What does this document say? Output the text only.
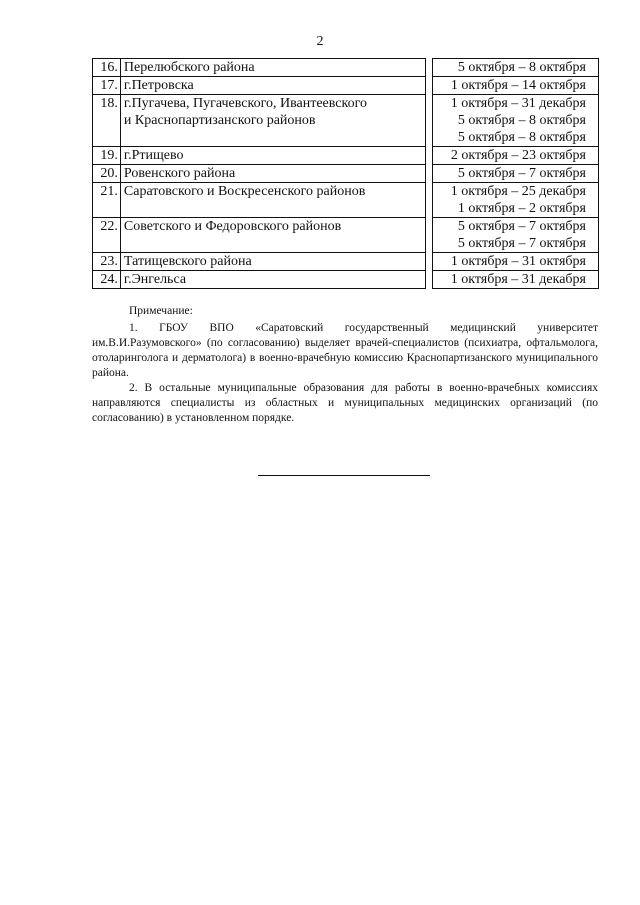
2
16.	Перелюбского района		5 октября – 8 октября

17.	г.Петровска		1 октября – 14 октября

18.	г.Пугачева, Пугачевского, Ивантеевского
и Краснопартизанского районов		1 октября – 31 декабря
5 октября – 8 октября
5 октября – 8 октября

19.	г.Ртищево		2 октября – 23 октября

20.	Ровенского района		5 октября – 7 октября

21.	Саратовского и Воскресенского районов		1 октября – 25 декабря
1 октября – 2 октября

22.	Советского и Федоровского районов		5 октября – 7 октября
5 октября – 7 октября

23.	Татищевского района		1 октября – 31 октября

24.	г.Энгельса		1 октября – 31 декабря

Примечание:

1. ГБОУ ВПО «Саратовский государственный медицинский университет им.В.И.Разумовского» (по согласованию) выделяет врачей-специалистов (психиатра, офтальмолога, отоларинголога и дерматолога) в военно-врачебную комиссию Краснопартизанского муниципального района.

2. В остальные муниципальные образования для работы в военно-врачебных комиссиях направляются специалисты из областных и муниципальных медицинских организаций (по согласованию) в установленном порядке.
